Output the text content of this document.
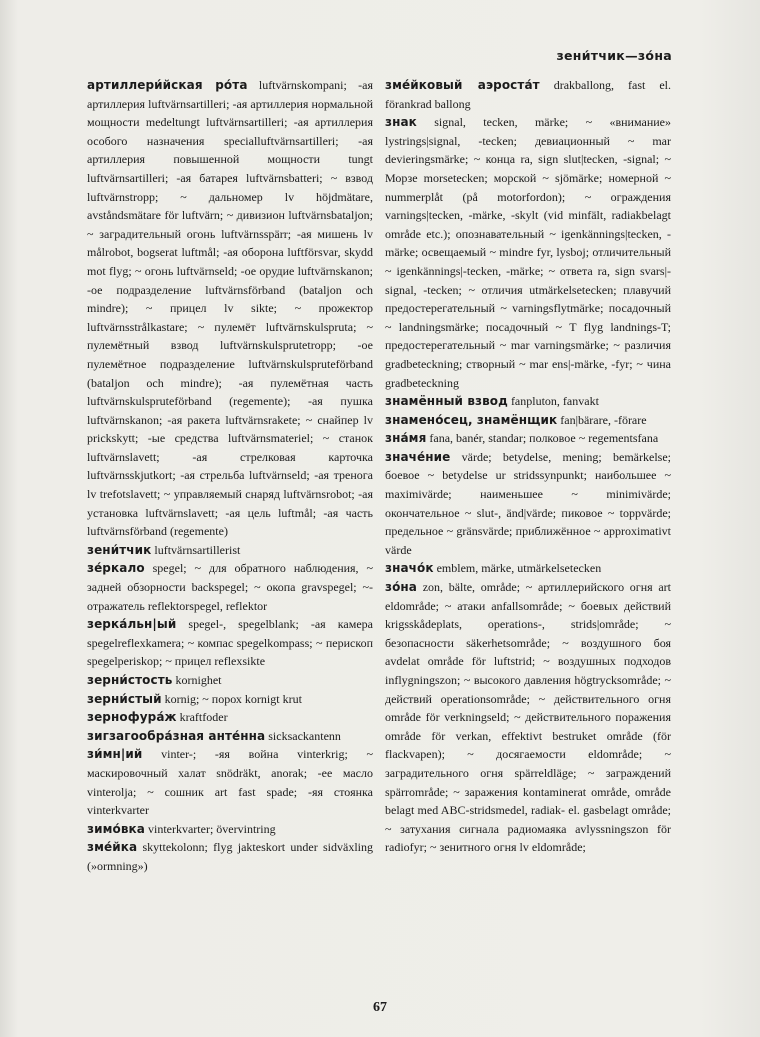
зени́тчик—зо́на
артиллери́йская ро́та luftvärnskompani; -ая артиллерия luftvärnsartilleri; -ая артиллерия нормальной мощности medeltungt luftvärnsartilleri; -ая артиллерия особого назначения specialluftvärnsartilleri; -ая артиллерия повышенной мощности tungt luftvärnsartilleri; -ая батарея luftvärnsbatteri; ~ взвод luftvärnstropp; ~ дальномер lv höjdmätare, avståndsmätare för luftvärn; ~ дивизион luftvärnsbataljon; ~ заградительный огонь luftvärnsspärr; -ая мишень lv målrobot, bogserat luftmål; -ая оборона luftförsvar, skydd mot flyg; ~ огонь luftvärnseld; -ое орудие luftvärnskanon; -ое подразделение luftvärnsförband (bataljon och mindre); ~ прицел lv sikte; ~ прожектор luftvärnsstrålkastare; ~ пулемёт luftvärnskulspruta; ~ пулемётный взвод luftvärnskulsprutetropp; -ое пулемётное подразделение luftvärnskulspruteförband (bataljon och mindre); -ая пулемётная часть luftvärnskulspruteförband (regemente); -ая пушка luftvärnskanon; -ая ракета luftvärnsrakete; ~ снайпер lv prickskytt; -ые средства luftvärnsmateriel; ~ станок luftvärnslavett; -ая стрелковая карточка luftvärnsskjutkort; -ая стрельба luftvärnseld; -ая тренога lv trefotslavett; ~ управляемый снаряд luftvärnsrobot; -ая установка luftvärnslavett; -ая цель luftmål; -ая часть luftvärnsförband (regemente)
зени́тчик luftvärnsartillerist
зе́ркало spegel; ~ для обратного наблюдения, ~ задней обзорности backspegel; ~ окопа gravspegel; ~-отражатель reflektorspegel, reflektor
зерка́льн|ый spegel-, spegelblank; -ая камера spegelreflexkamera; ~ компас spegelkompass; ~ перископ spegelperiskop; ~ прицел reflexsikte
зерни́стость kornighet
зерни́стый kornig; ~ порох kornigt krut
зернофура́ж kraftfoder
зигзагообра́зная анте́нна sicksackantenn
зи́мн|ий vinter-; -яя война vinterkrig; ~ маскировочный халат snödräkt, anorak; -ее масло vinterolja; ~ сошник art fast spade; -яя стоянка vinterkvarter
зимо́вка vinterkvarter; övervintring
зме́йка skyttekolonn; flyg jakteskort under sidväxling (»ormning»)
зме́йковый аэроста́т drakballong, fast el. förankrad ballong
знак signal, tecken, märke; ~ «внимание» lystrings|signal, -tecken; девиационный ~ mar devieringsmärke; ~ конца ra, sign slut|tecken, -signal; ~ Морзе morsetecken; морской ~ sjömärke; номерной ~ nummerplåt (på motorfordon); ~ ограждения varnings|tecken, -märke, -skylt (vid minfält, radiakbelagt område etc.); опознавательный ~ igenkännings|tecken, -märke; освещаемый ~ mindre fyr, lysboj; отличительный ~ igenkännings|-tecken, -märke; ~ ответа ra, sign svars|-signal, -tecken; ~ отличия utmärkelsetecken; плавучий предостерегательный ~ varningsflytmärke; посадочный ~ landningsmärke; посадочный ~ Т flyg landnings-T; предостерегательный ~ mar varningsmärke; ~ различия gradbeteckning; створный ~ mar ens|-märke, -fyr; ~ чина gradbeteckning
знамённый взвод fanpluton, fanvakt
знамено́сец, знамёнщик fan|bärare, -förare
зна́мя fana, banér, standar; полковое ~ regementsfana
значе́ние värde; betydelse, mening; bemärkelse; боевое ~ betydelse ur stridssynpunkt; наибольшее ~ maximivärde; наименьшее ~ minimivärde; окончательное ~ slut-, änd|värde; пиковое ~ toppvärde; предельное ~ gränsvärde; приближённое ~ approximativt värde
значо́к emblem, märke, utmärkelsetecken
зо́на zon, bälte, område; ~ артиллерийского огня art eldområde; ~ атаки anfallsområde; ~ боевых действий krigsskådeplats, operations-, strids|område; ~ безопасности säkerhetsområde; ~ воздушного боя avdelat område för luftstrid; ~ воздушных подходов inflygningszon; ~ высокого давления högtrycksområde; ~ действий operationsområde; ~ действительного огня område för verkningseld; ~ действительного поражения område för verkan, effektivt bestruket område (för flackvapen); ~ досягаемости eldområde; ~ заградительного огня spärreldläge; ~ заграждений spärrområde; ~ заражения kontaminerat område, område belagt med ABC-stridsmedel, radiak- el. gasbelagt område; ~ затухания сигнала радиомаяка avlyssningszon för radiofyr; ~ зенитного огня lv eldområde;
67
